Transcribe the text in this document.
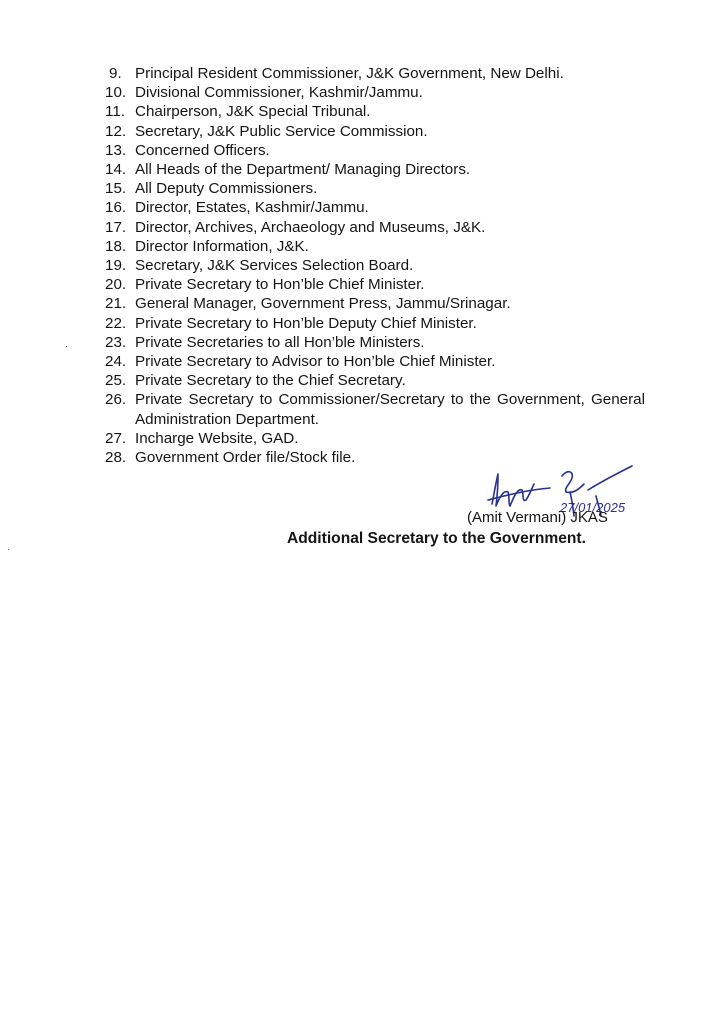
9. Principal Resident Commissioner, J&K Government, New Delhi.
10. Divisional Commissioner, Kashmir/Jammu.
11. Chairperson, J&K Special Tribunal.
12. Secretary, J&K Public Service Commission.
13. Concerned Officers.
14. All Heads of the Department/ Managing Directors.
15. All Deputy Commissioners.
16. Director, Estates, Kashmir/Jammu.
17. Director, Archives, Archaeology and Museums, J&K.
18. Director Information, J&K.
19. Secretary, J&K Services Selection Board.
20. Private Secretary to Hon’ble Chief Minister.
21. General Manager, Government Press, Jammu/Srinagar.
22. Private Secretary to Hon’ble Deputy Chief Minister.
23. Private Secretaries to all Hon’ble Ministers.
24. Private Secretary to Advisor to Hon’ble Chief Minister.
25. Private Secretary to the Chief Secretary.
26. Private Secretary to Commissioner/Secretary to the Government, General Administration Department.
27. Incharge Website, GAD.
28. Government Order file/Stock file.
27/01/2025
(Amit Vermani) JKAS
Additional Secretary to the Government.
